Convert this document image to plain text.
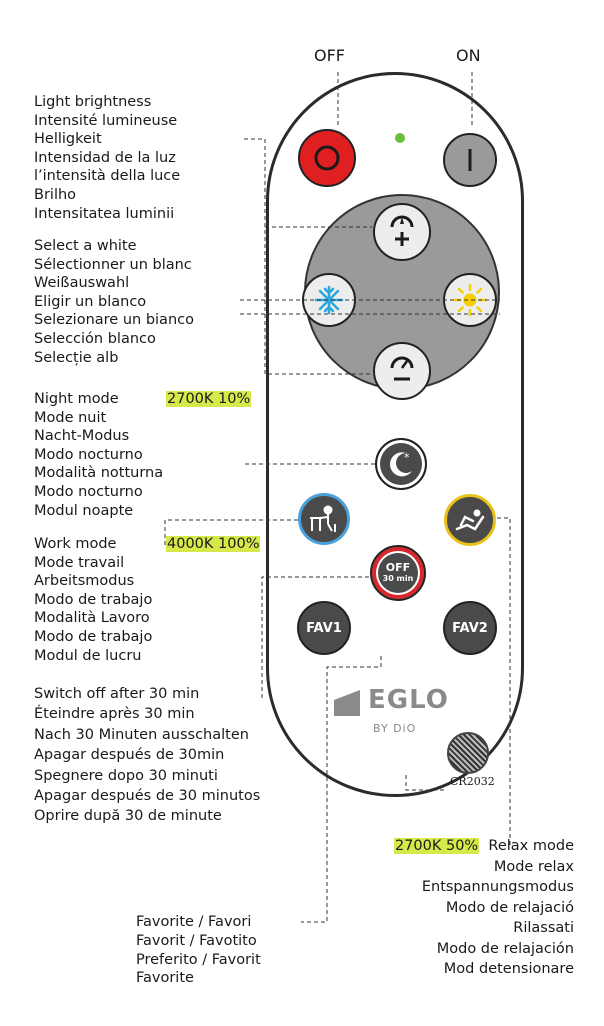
OFF	ON
Light brightness
Intensité lumineuse
Helligkeit
Intensidad de la luz
l’intensità della luce
Brilho
Intensitatea luminii
Select a white
Sélectionner un blanc
Weißauswahl
Eligir un blanco
Selezionare un bianco
Selección blanco
Selecție alb
Night mode	2700K 10%
Mode nuit
Nacht-Modus
Modo nocturno
Modalità notturna
Modo nocturno
Modul noapte
Work mode	4000K 100%
Mode travail
Arbeitsmodus
Modo de trabajo
Modalità Lavoro
Modo de trabajo
Modul de lucru
Switch off after 30 min
Éteindre après 30 min
Nach 30 Minuten ausschalten
Apagar después de 30min
Spegnere dopo 30 minuti
Apagar después de 30 minutos
Oprire după 30 de minute
2700K 50% Relax mode
Mode relax
Entspannungsmodus
Modo de relajació
Rilassati
Modo de relajación
Mod detensionare
Favorite / Favori
Favorit / Favotito
Preferito / Favorit
Favorite
*
OFF
30 min
FAV1	FAV2
EGLO
BY DiO
CR2032
